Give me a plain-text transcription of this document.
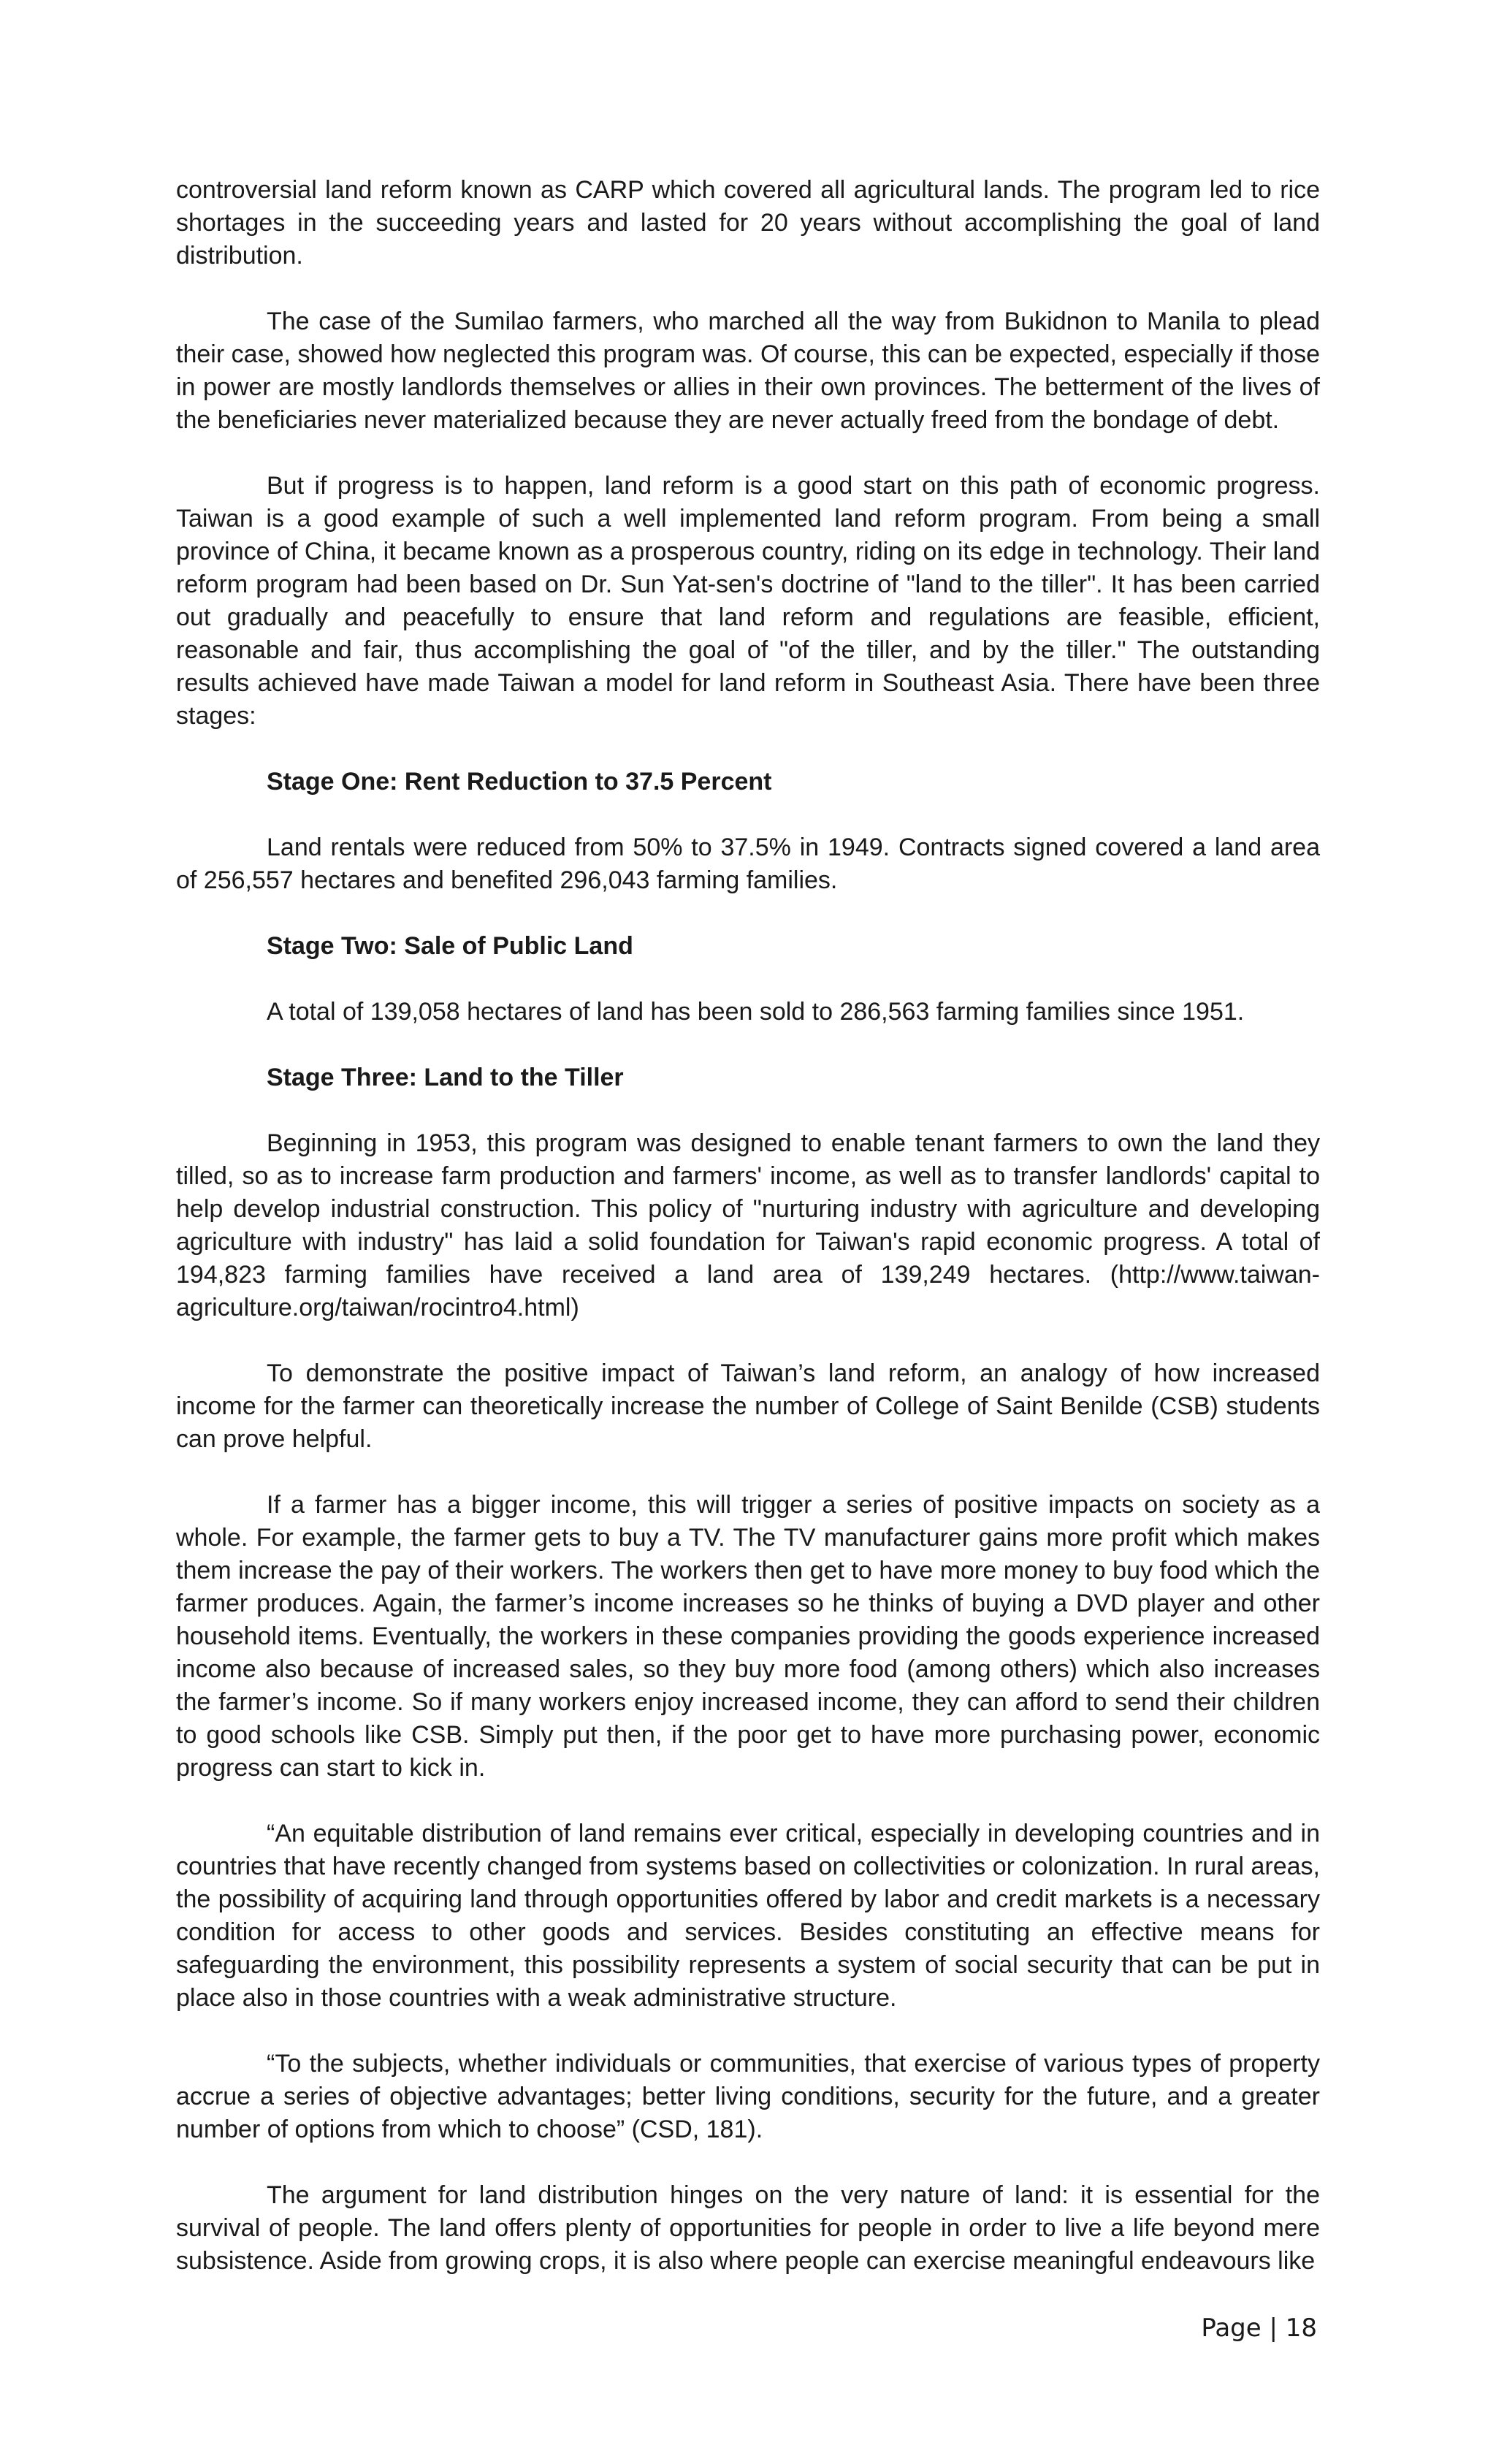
controversial land reform known as CARP which covered all agricultural lands. The program led to rice shortages in the succeeding years and lasted for 20 years without accomplishing the goal of land distribution.

The case of the Sumilao farmers, who marched all the way from Bukidnon to Manila to plead their case, showed how neglected this program was. Of course, this can be expected, especially if those in power are mostly landlords themselves or allies in their own provinces. The betterment of the lives of the beneficiaries never materialized because they are never actually freed from the bondage of debt.

But if progress is to happen, land reform is a good start on this path of economic progress. Taiwan is a good example of such a well implemented land reform program. From being a small province of China, it became known as a prosperous country, riding on its edge in technology. Their land reform program had been based on Dr. Sun Yat-sen's doctrine of "land to the tiller". It has been carried out gradually and peacefully to ensure that land reform and regulations are feasible, efficient, reasonable and fair, thus accomplishing the goal of "of the tiller, and by the tiller." The outstanding results achieved have made Taiwan a model for land reform in Southeast Asia. There have been three stages:

Stage One: Rent Reduction to 37.5 Percent

Land rentals were reduced from 50% to 37.5% in 1949. Contracts signed covered a land area of 256,557 hectares and benefited 296,043 farming families.

Stage Two: Sale of Public Land

A total of 139,058 hectares of land has been sold to 286,563 farming families since 1951.

Stage Three: Land to the Tiller

Beginning in 1953, this program was designed to enable tenant farmers to own the land they tilled, so as to increase farm production and farmers' income, as well as to transfer landlords' capital to help develop industrial construction. This policy of "nurturing industry with agriculture and developing agriculture with industry" has laid a solid foundation for Taiwan's rapid economic progress. A total of 194,823 farming families have received a land area of 139,249 hectares. (http://www.taiwan-agriculture.org/taiwan/rocintro4.html)

To demonstrate the positive impact of Taiwan’s land reform, an analogy of how increased income for the farmer can theoretically increase the number of College of Saint Benilde (CSB) students can prove helpful.

If a farmer has a bigger income, this will trigger a series of positive impacts on society as a whole. For example, the farmer gets to buy a TV. The TV manufacturer gains more profit which makes them increase the pay of their workers. The workers then get to have more money to buy food which the farmer produces. Again, the farmer’s income increases so he thinks of buying a DVD player and other household items. Eventually, the workers in these companies providing the goods experience increased income also because of increased sales, so they buy more food (among others) which also increases the farmer’s income. So if many workers enjoy increased income, they can afford to send their children to good schools like CSB. Simply put then, if the poor get to have more purchasing power, economic progress can start to kick in.

“An equitable distribution of land remains ever critical, especially in developing countries and in countries that have recently changed from systems based on collectivities or colonization. In rural areas, the possibility of acquiring land through opportunities offered by labor and credit markets is a necessary condition for access to other goods and services. Besides constituting an effective means for safeguarding the environment, this possibility represents a system of social security that can be put in place also in those countries with a weak administrative structure.

“To the subjects, whether individuals or communities, that exercise of various types of property accrue a series of objective advantages; better living conditions, security for the future, and a greater number of options from which to choose” (CSD, 181).

The argument for land distribution hinges on the very nature of land: it is essential for the survival of people. The land offers plenty of opportunities for people in order to live a life beyond mere subsistence. Aside from growing crops, it is also where people can exercise meaningful endeavours like

Page | 18
